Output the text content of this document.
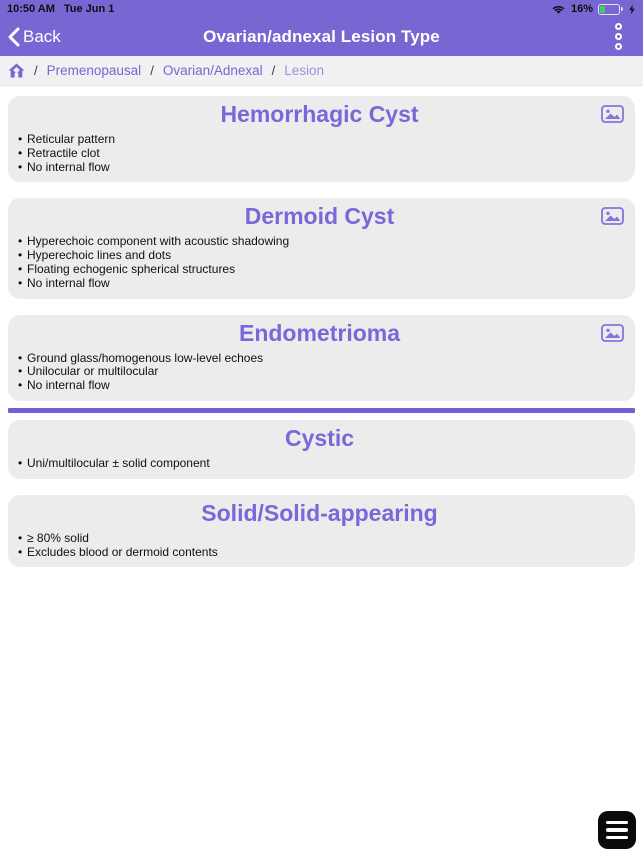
10:50 AM Tue Jun 1	16%
Back	Ovarian/adnexal Lesion Type
/ Premenopausal / Ovarian/Adnexal / Lesion
Hemorrhagic Cyst
• Reticular pattern
• Retractile clot
• No internal flow
Dermoid Cyst
• Hyperechoic component with acoustic shadowing
• Hyperechoic lines and dots
• Floating echogenic spherical structures
• No internal flow
Endometrioma
• Ground glass/homogenous low-level echoes
• Unilocular or multilocular
• No internal flow
Cystic
• Uni/multilocular ± solid component
Solid/Solid-appearing
• ≥ 80% solid
• Excludes blood or dermoid contents
